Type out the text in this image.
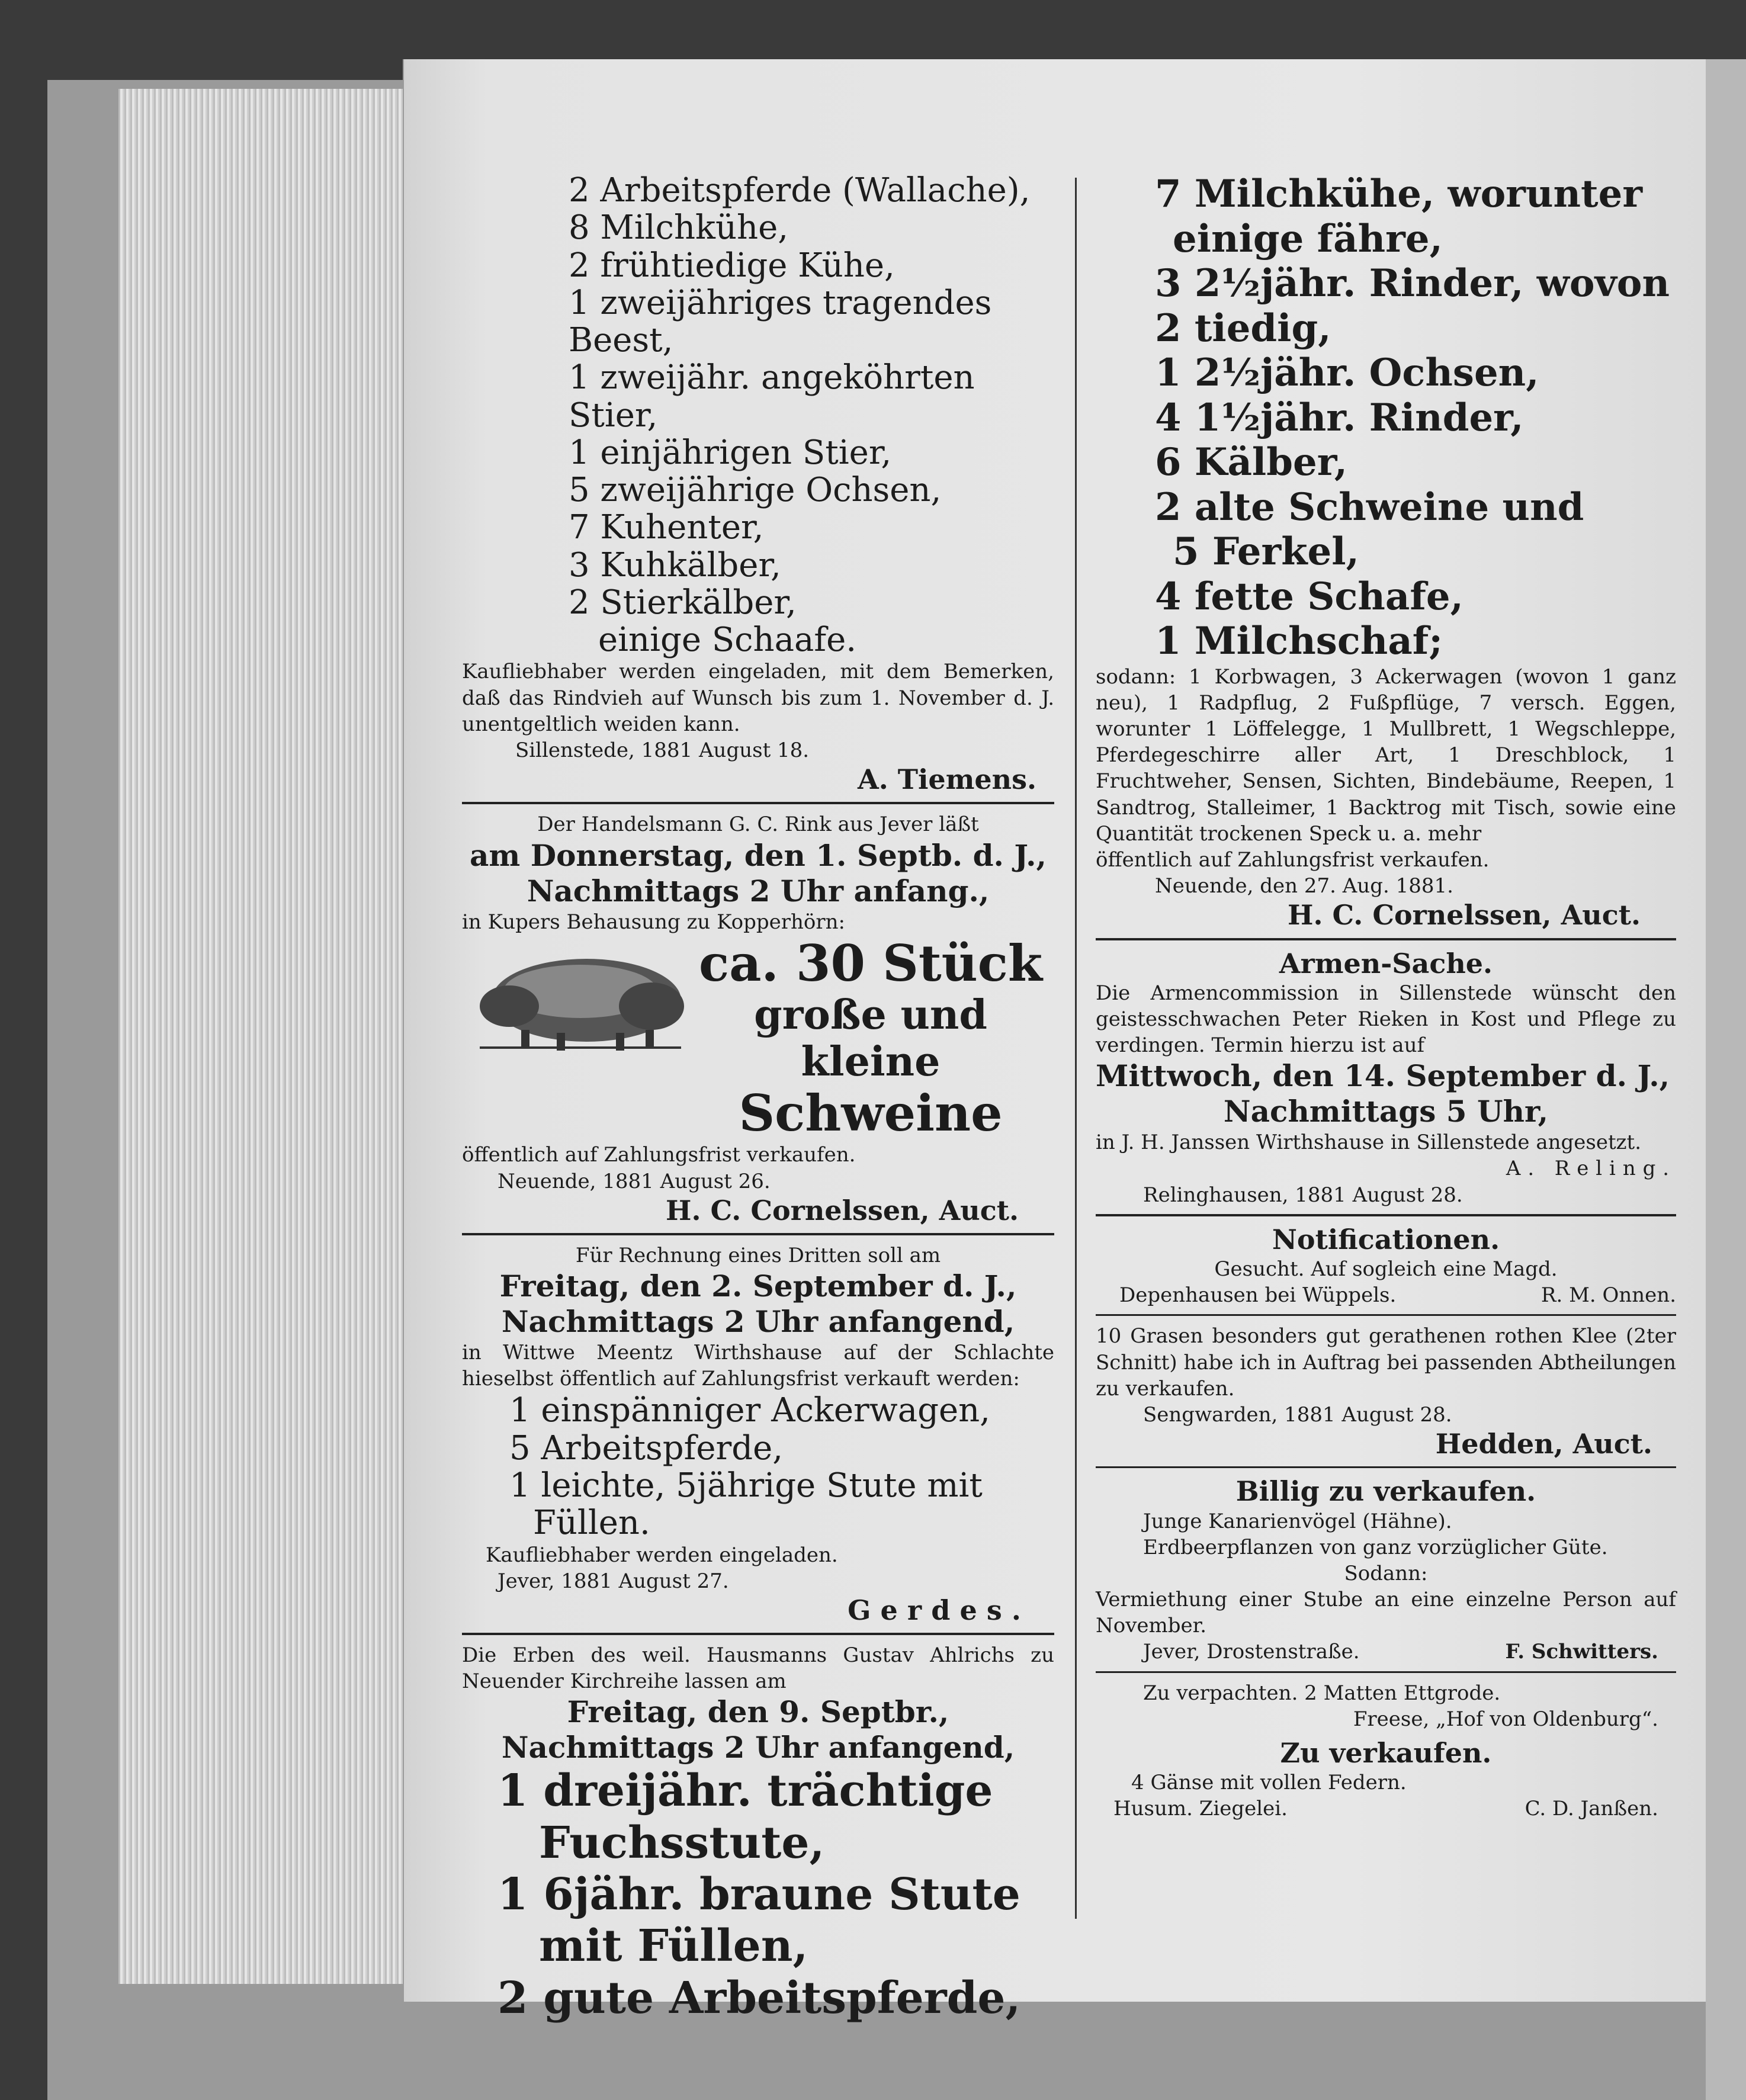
2 Arbeitspferde (Wallache),
8 Milchkühe,
2 frühtiedige Kühe,
1 zweijähriges tragendes Beest,
1 zweijähr. angeköhrten Stier,
1 einjährigen Stier,
5 zweijährige Ochsen,
7 Kuhenter,
3 Kuhkälber,
2 Stierkälber,
einige Schaafe.
Kaufliebhaber werden eingeladen, mit dem Bemerken, daß das Rindvieh auf Wunsch bis zum 1. November d. J. unentgeltlich weiden kann.
Sillenstede, 1881 August 18.
A. Tiemens.
Der Handelsmann G. C. Rink aus Jever läßt
am Donnerstag, den 1. Septb. d. J.,
Nachmittags 2 Uhr anfang.,
in Kupers Behausung zu Kopperhörn:
ca. 30 Stück
große und kleine
Schweine
öffentlich auf Zahlungsfrist verkaufen.
Neuende, 1881 August 26.
H. C. Cornelssen, Auct.
Für Rechnung eines Dritten soll am
Freitag, den 2. September d. J.,
Nachmittags 2 Uhr anfangend,
in Wittwe Meentz Wirthshause auf der Schlachte hieselbst öffentlich auf Zahlungsfrist verkauft werden:
1 einspänniger Ackerwagen,
5 Arbeitspferde,
1 leichte, 5jährige Stute mit
Füllen.
Kaufliebhaber werden eingeladen.
Jever, 1881 August 27.
Gerdes.
Die Erben des weil. Hausmanns Gustav Ahlrichs zu Neuender Kirchreihe lassen am
Freitag, den 9. Septbr.,
Nachmittags 2 Uhr anfangend,
1 dreijähr. trächtige
Fuchsstute,
1 6jähr. braune Stute
mit Füllen,
2 gute Arbeitspferde,
7 Milchkühe, worunter
einige fähre,
3 2½jähr. Rinder, wovon 2 tiedig,
1 2½jähr. Ochsen,
4 1½jähr. Rinder,
6 Kälber,
2 alte Schweine und
5 Ferkel,
4 fette Schafe,
1 Milchschaf;
sodann: 1 Korbwagen, 3 Ackerwagen (wovon 1 ganz neu), 1 Radpflug, 2 Fußpflüge, 7 versch. Eggen, worunter 1 Löffelegge, 1 Mullbrett, 1 Wegschleppe, Pferdegeschirre aller Art, 1 Dreschblock, 1 Fruchtweher, Sensen, Sichten, Bindebäume, Reepen, 1 Sandtrog, Stalleimer, 1 Backtrog mit Tisch, sowie eine Quantität trockenen Speck u. a. mehr
öffentlich auf Zahlungsfrist verkaufen.
Neuende, den 27. Aug. 1881.
H. C. Cornelssen, Auct.
Armen-Sache.
Die Armencommission in Sillenstede wünscht den geistesschwachen Peter Rieken in Kost und Pflege zu verdingen. Termin hierzu ist auf
Mittwoch, den 14. September d. J.,
Nachmittags 5 Uhr,
in J. H. Janssen Wirthshause in Sillenstede angesetzt.
A. Reling.
Relinghausen, 1881 August 28.
Notificationen.
Gesucht. Auf sogleich eine Magd.
Depenhausen bei Wüppels.	R. M. Onnen.
10 Grasen besonders gut gerathenen rothen Klee (2ter Schnitt) habe ich in Auftrag bei passenden Abtheilungen zu verkaufen.
Sengwarden, 1881 August 28.
Hedden, Auct.
Billig zu verkaufen.
Junge Kanarienvögel (Hähne).
Erdbeerpflanzen von ganz vorzüglicher Güte.
Sodann:
Vermiethung einer Stube an eine einzelne Person auf November.
Jever, Drostenstraße.	F. Schwitters.
Zu verpachten. 2 Matten Ettgrode.
Freese, „Hof von Oldenburg“.
Zu verkaufen.
4 Gänse mit vollen Federn.
Husum. Ziegelei.	C. D. Janßen.
